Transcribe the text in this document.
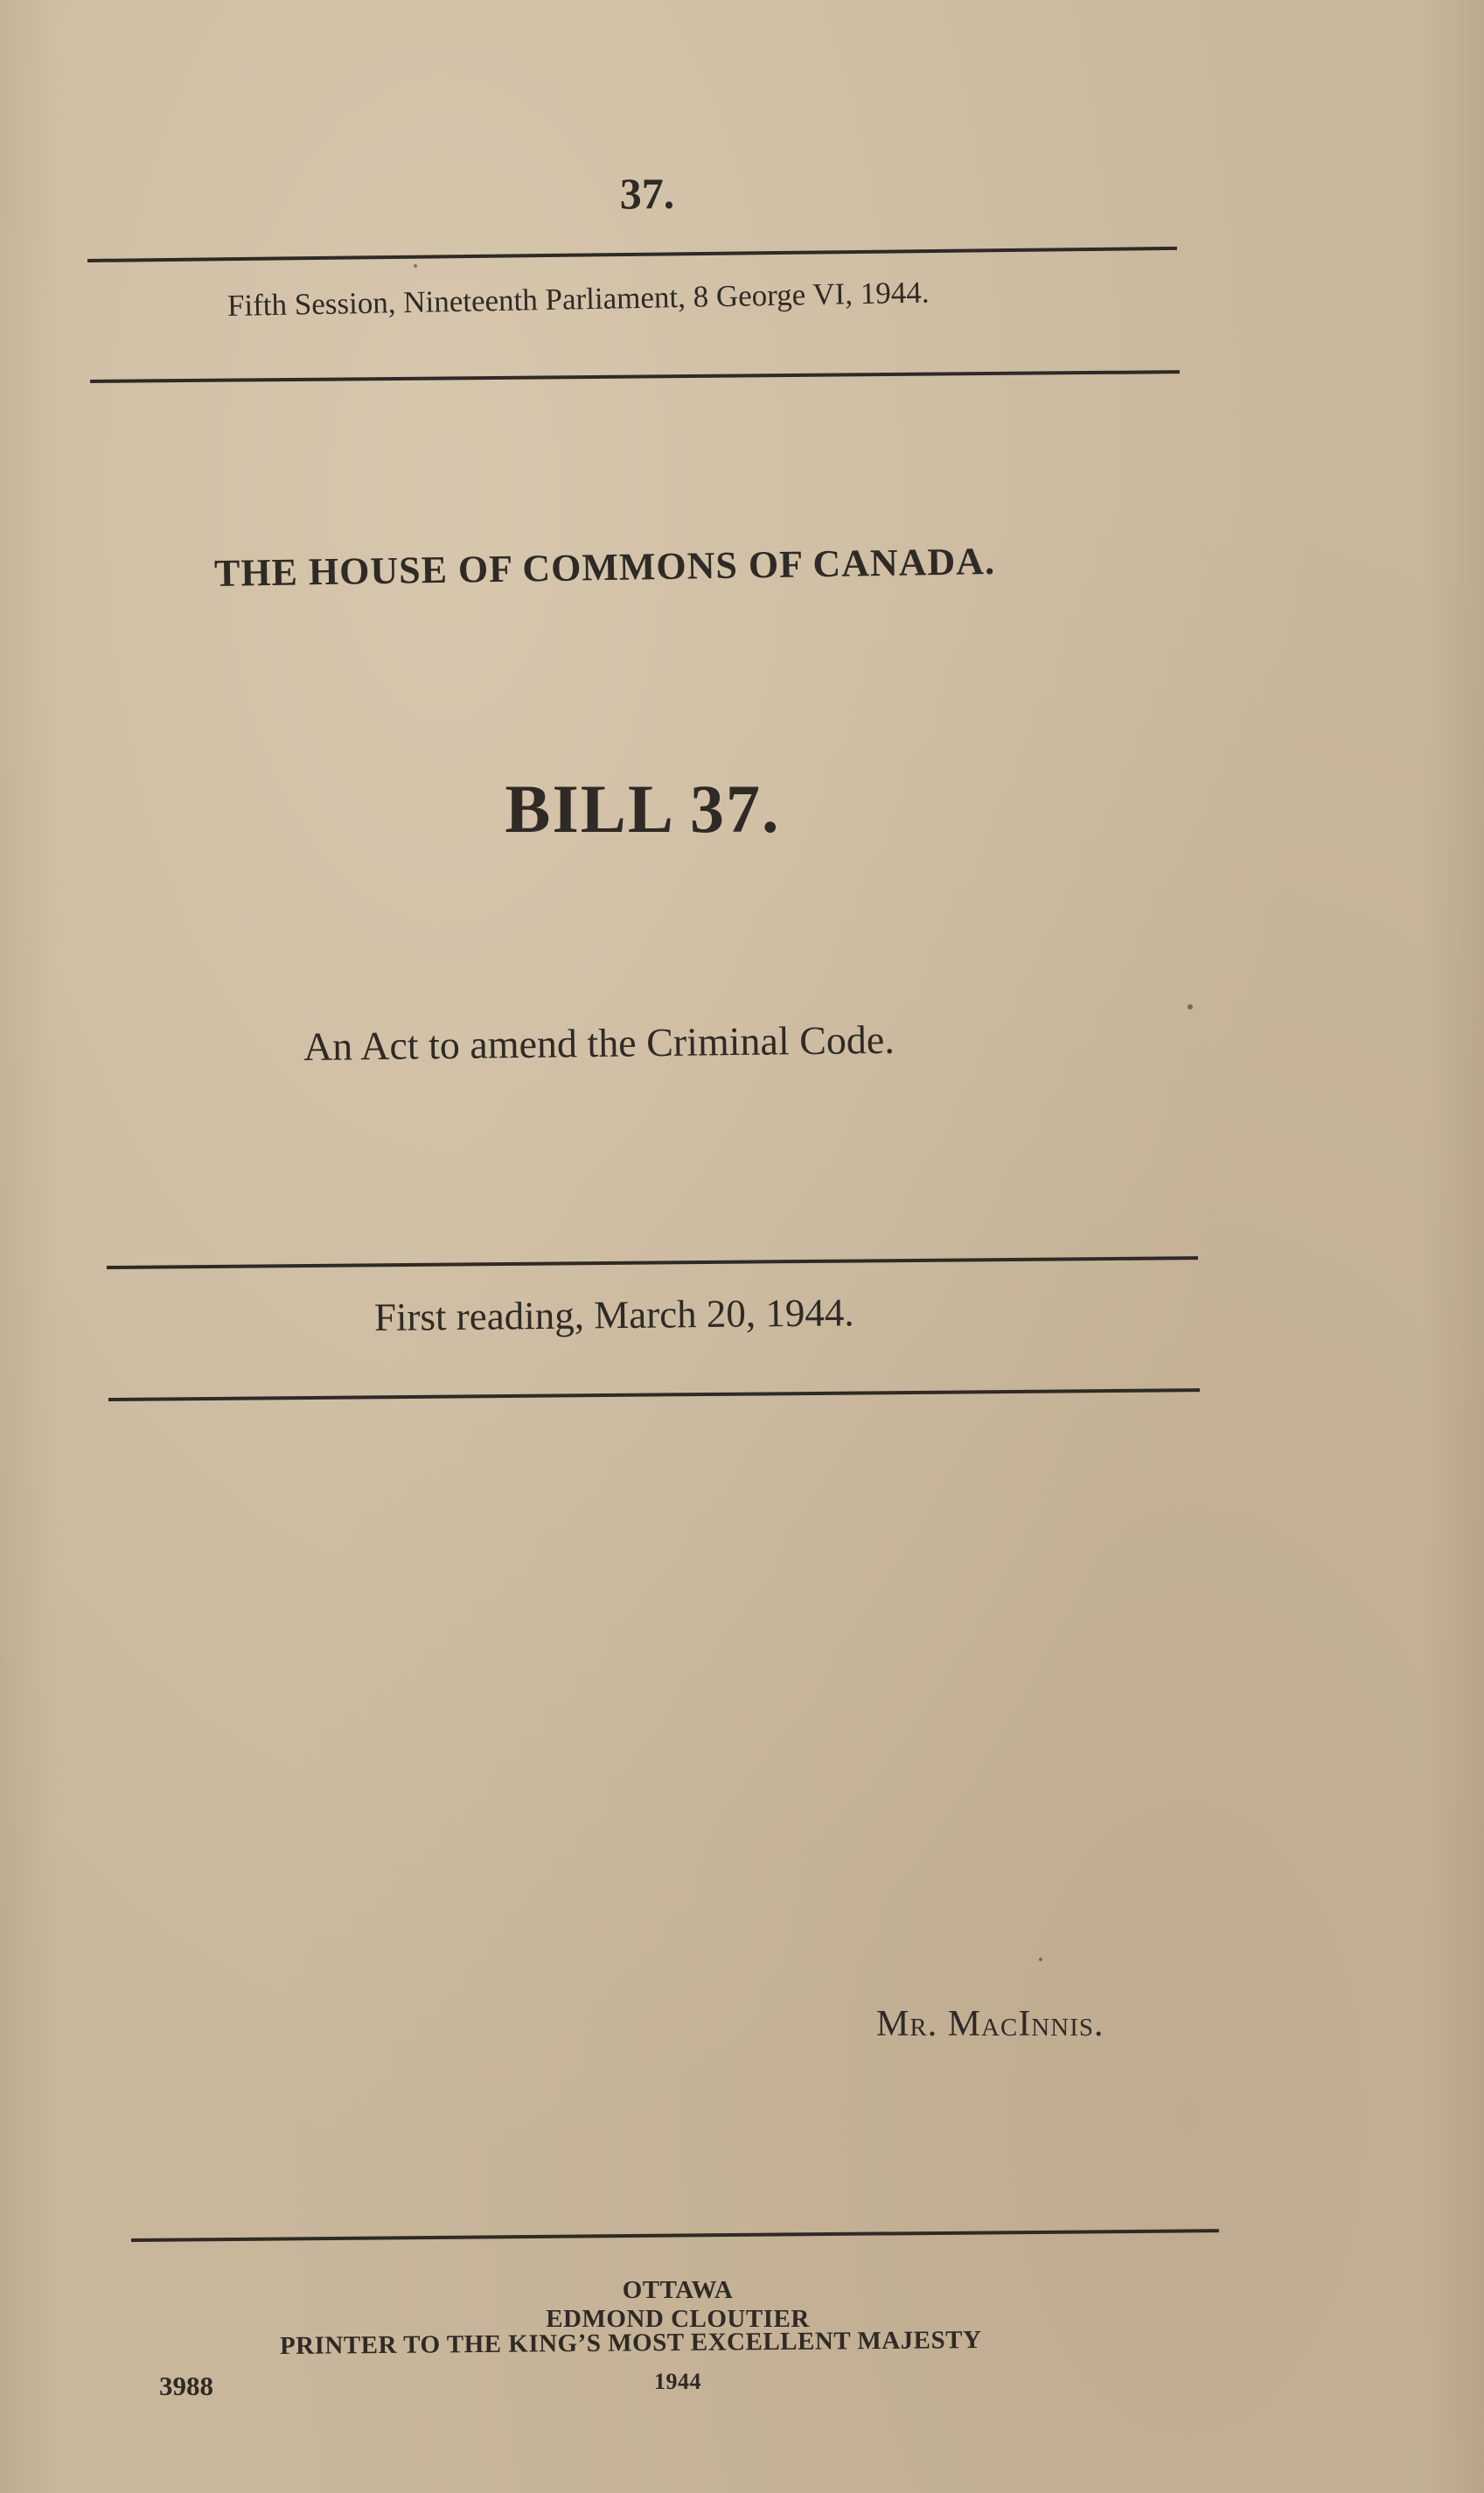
37.
Fifth Session, Nineteenth Parliament, 8 George VI, 1944.
THE HOUSE OF COMMONS OF CANADA.
BILL 37.
An Act to amend the Criminal Code.
First reading, March 20, 1944.
Mr. MacInnis.
OTTAWA
EDMOND CLOUTIER
PRINTER TO THE KING’S MOST EXCELLENT MAJESTY
1944
3988
